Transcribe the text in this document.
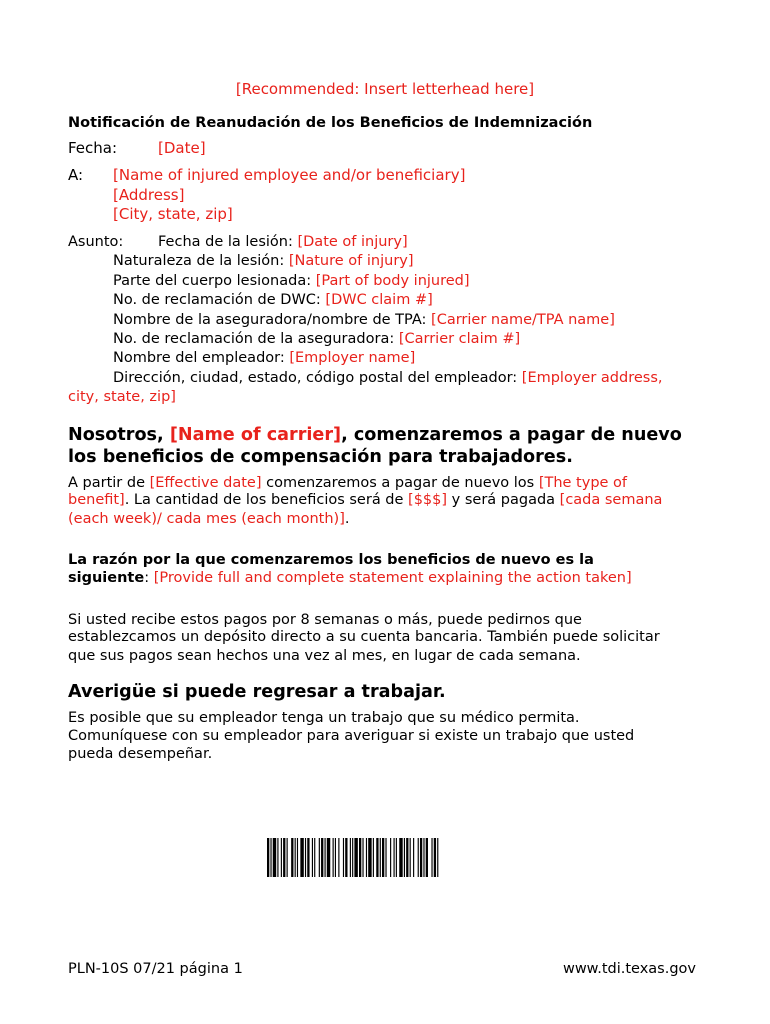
[Recommended: Insert letterhead here]
Notificación de Reanudación de los Beneficios de Indemnización
Fecha:	[Date]
A: [Name of injured employee and/or beneficiary]
[Address]
[City, state, zip]
Asunto: Fecha de la lesión: [Date of injury]
Naturaleza de la lesión: [Nature of injury]
Parte del cuerpo lesionada: [Part of body injured]
No. de reclamación de DWC: [DWC claim #]
Nombre de la aseguradora/nombre de TPA: [Carrier name/TPA name]
No. de reclamación de la aseguradora: [Carrier claim #]
Nombre del empleador: [Employer name]
Dirección, ciudad, estado, código postal del empleador: [Employer address,
city, state, zip]
Nosotros, [Name of carrier], comenzaremos a pagar de nuevo
los beneficios de compensación para trabajadores.
A partir de [Effective date] comenzaremos a pagar de nuevo los [The type of
benefit]. La cantidad de los beneficios será de [$$$] y será pagada [cada semana
(each week)/ cada mes (each month)].
La razón por la que comenzaremos los beneficios de nuevo es la
siguiente: [Provide full and complete statement explaining the action taken]
Si usted recibe estos pagos por 8 semanas o más, puede pedirnos que
establezcamos un depósito directo a su cuenta bancaria. También puede solicitar
que sus pagos sean hechos una vez al mes, en lugar de cada semana.
Averigüe si puede regresar a trabajar.
Es posible que su empleador tenga un trabajo que su médico permita.
Comuníquese con su empleador para averiguar si existe un trabajo que usted
pueda desempeñar.
PLN-10S 07/21 página 1	www.tdi.texas.gov
